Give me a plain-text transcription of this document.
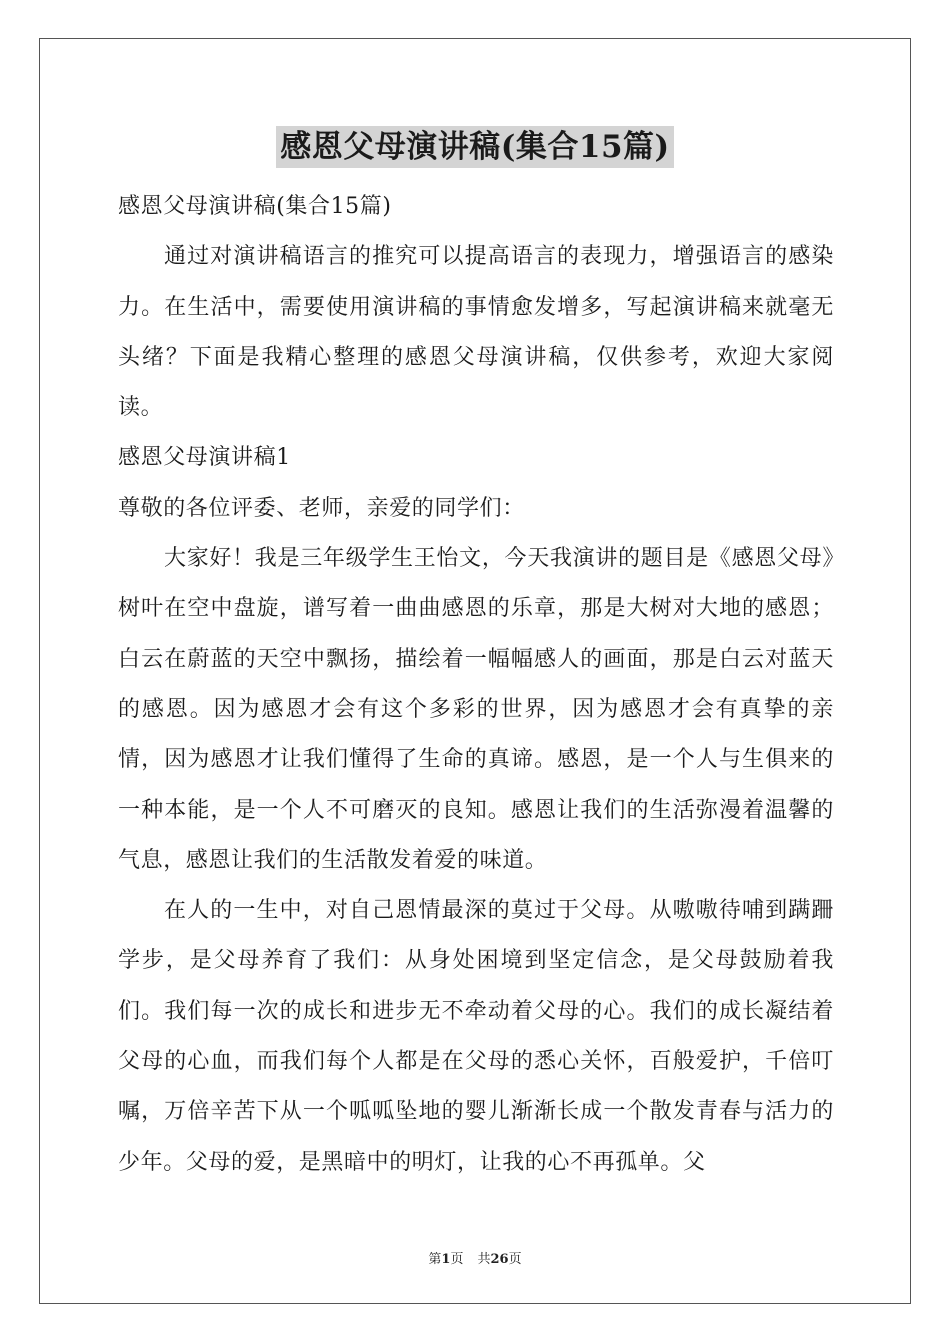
感恩父母演讲稿(集合15篇)

感恩父母演讲稿(集合15篇)

通过对演讲稿语言的推究可以提高语言的表现力，增强语言的感染力。在生活中，需要使用演讲稿的事情愈发增多，写起演讲稿来就毫无头绪？下面是我精心整理的感恩父母演讲稿，仅供参考，欢迎大家阅读。

感恩父母演讲稿1

尊敬的各位评委、老师，亲爱的同学们：

大家好！我是三年级学生王怡文，今天我演讲的题目是《感恩父母》树叶在空中盘旋，谱写着一曲曲感恩的乐章，那是大树对大地的感恩；白云在蔚蓝的天空中飘扬，描绘着一幅幅感人的画面，那是白云对蓝天的感恩。因为感恩才会有这个多彩的世界，因为感恩才会有真挚的亲情，因为感恩才让我们懂得了生命的真谛。感恩，是一个人与生俱来的一种本能，是一个人不可磨灭的良知。感恩让我们的生活弥漫着温馨的气息，感恩让我们的生活散发着爱的味道。

在人的一生中，对自己恩情最深的莫过于父母。从嗷嗷待哺到蹒跚学步，是父母养育了我们：从身处困境到坚定信念，是父母鼓励着我们。我们每一次的成长和进步无不牵动着父母的心。我们的成长凝结着父母的心血，而我们每个人都是在父母的悉心关怀，百般爱护，千倍叮嘱，万倍辛苦下从一个呱呱坠地的婴儿渐渐长成一个散发青春与活力的少年。父母的爱，是黑暗中的明灯，让我的心不再孤单。父

第1页 共26页
